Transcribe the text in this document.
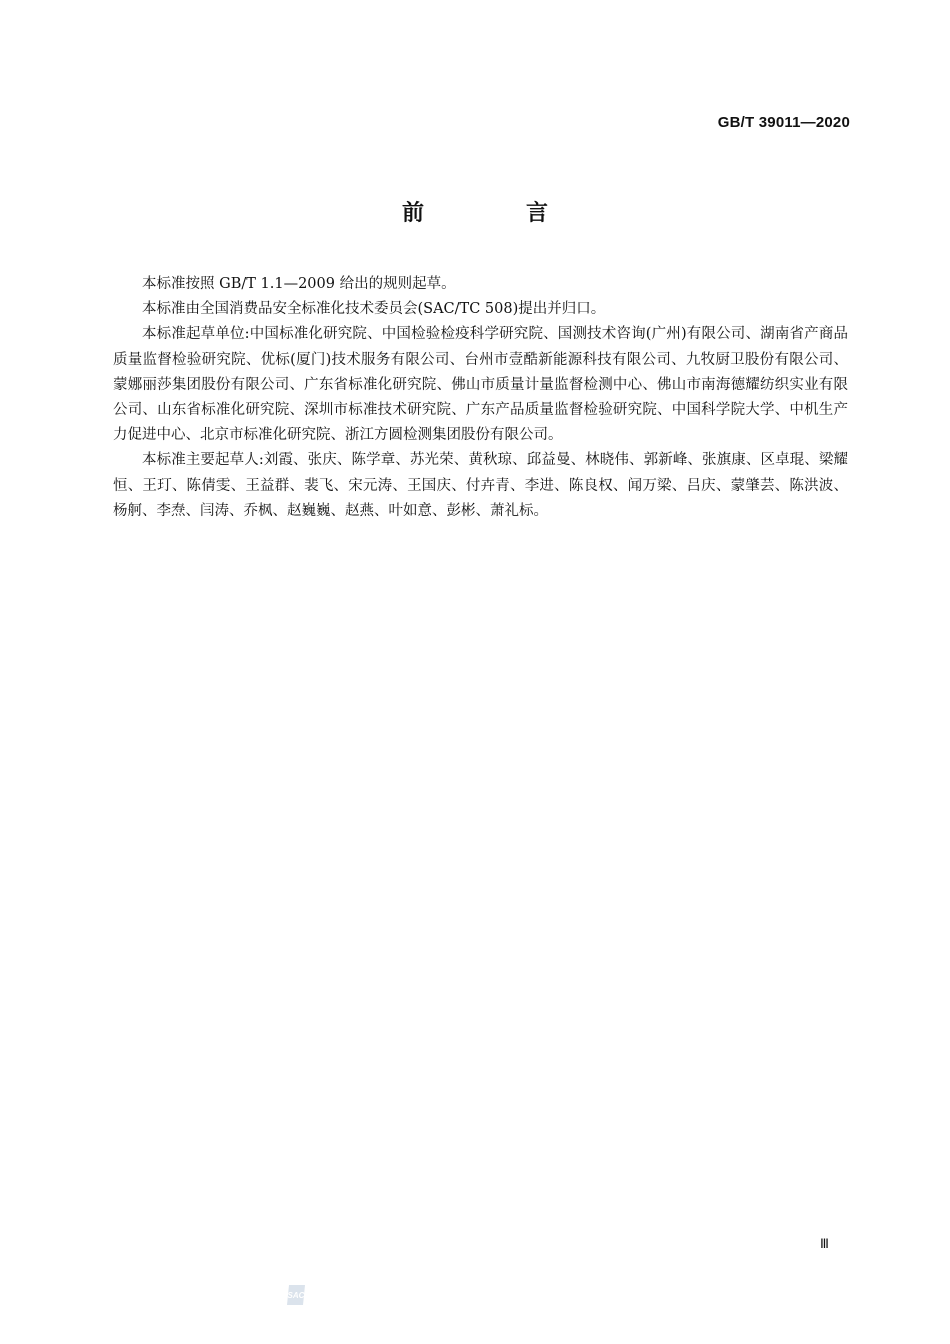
GB/T 39011—2020
前　言

本标准按照 GB/T 1.1—2009 给出的规则起草。

本标准由全国消费品安全标准化技术委员会(SAC/TC 508)提出并归口。

本标准起草单位:中国标准化研究院、中国检验检疫科学研究院、国测技术咨询(广州)有限公司、湖南省产商品质量监督检验研究院、优标(厦门)技术服务有限公司、台州市壹酷新能源科技有限公司、九牧厨卫股份有限公司、蒙娜丽莎集团股份有限公司、广东省标准化研究院、佛山市质量计量监督检测中心、佛山市南海德耀纺织实业有限公司、山东省标准化研究院、深圳市标准技术研究院、广东产品质量监督检验研究院、中国科学院大学、中机生产力促进中心、北京市标准化研究院、浙江方圆检测集团股份有限公司。

本标准主要起草人:刘霞、张庆、陈学章、苏光荣、黄秋琼、邱益曼、林晓伟、郭新峰、张旗康、区卓琨、梁耀恒、王玎、陈倩雯、王益群、裴飞、宋元涛、王国庆、付卉青、李进、陈良权、闻万梁、吕庆、蒙肇芸、陈洪波、杨舸、李焘、闫涛、乔枫、赵巍巍、赵燕、叶如意、彭彬、萧礼标。

Ⅲ
SAC
